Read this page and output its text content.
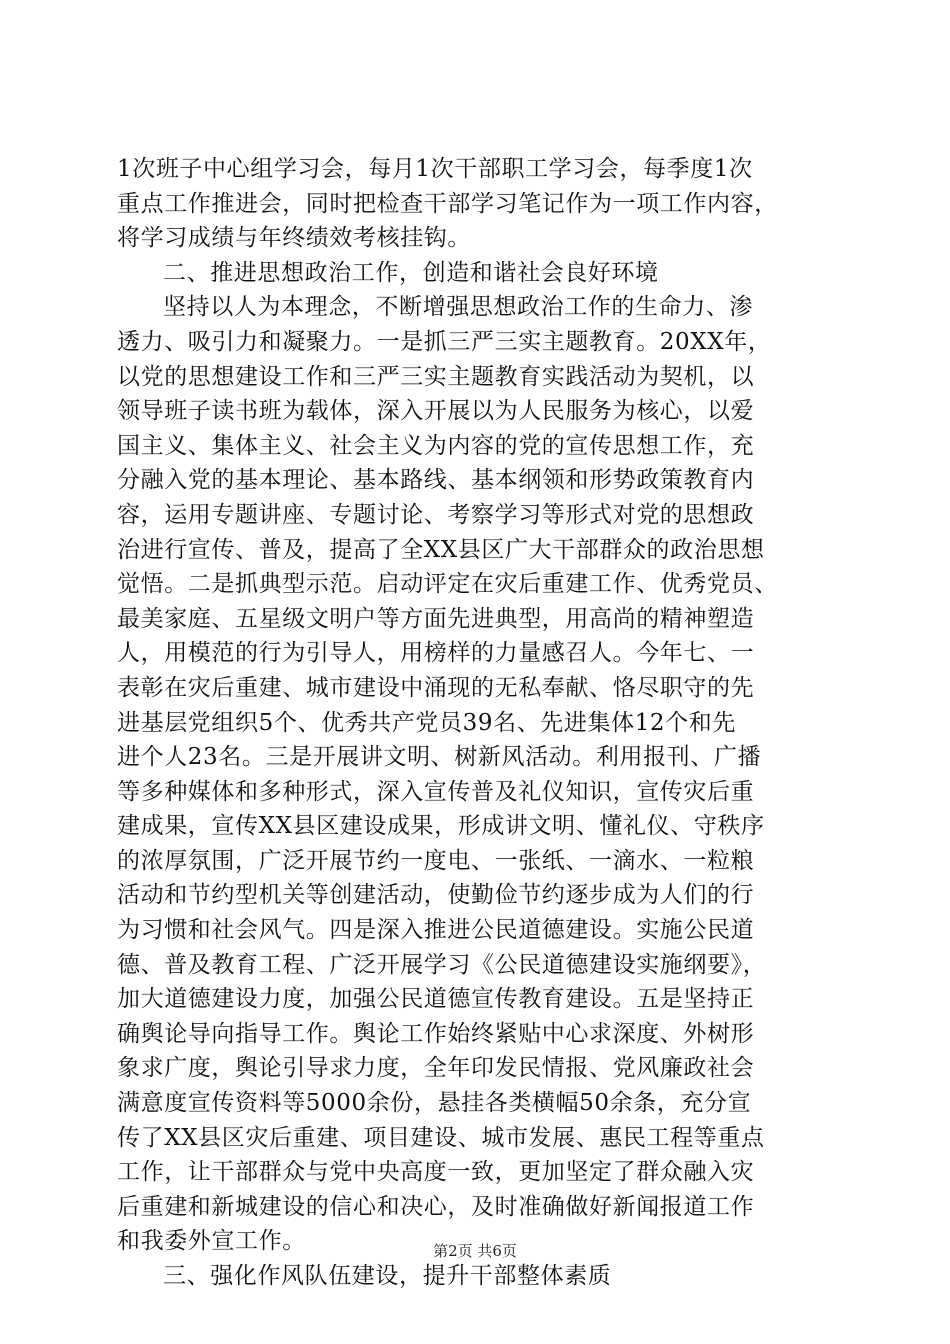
1次班子中心组学习会，每月1次干部职工学习会，每季度1次
重点工作推进会，同时把检查干部学习笔记作为一项工作内容，
将学习成绩与年终绩效考核挂钩。
二、推进思想政治工作，创造和谐社会良好环境
坚持以人为本理念，不断增强思想政治工作的生命力、渗
透力、吸引力和凝聚力。一是抓三严三实主题教育。20XX年，
以党的思想建设工作和三严三实主题教育实践活动为契机，以
领导班子读书班为载体，深入开展以为人民服务为核心，以爱
国主义、集体主义、社会主义为内容的党的宣传思想工作，充
分融入党的基本理论、基本路线、基本纲领和形势政策教育内
容，运用专题讲座、专题讨论、考察学习等形式对党的思想政
治进行宣传、普及，提高了全XX县区广大干部群众的政治思想
觉悟。二是抓典型示范。启动评定在灾后重建工作、优秀党员、
最美家庭、五星级文明户等方面先进典型，用高尚的精神塑造
人，用模范的行为引导人，用榜样的力量感召人。今年七、一
表彰在灾后重建、城市建设中涌现的无私奉献、恪尽职守的先
进基层党组织5个、优秀共产党员39名、先进集体12个和先
进个人23名。三是开展讲文明、树新风活动。利用报刊、广播
等多种媒体和多种形式，深入宣传普及礼仪知识，宣传灾后重
建成果，宣传XX县区建设成果，形成讲文明、懂礼仪、守秩序
的浓厚氛围，广泛开展节约一度电、一张纸、一滴水、一粒粮
活动和节约型机关等创建活动，使勤俭节约逐步成为人们的行
为习惯和社会风气。四是深入推进公民道德建设。实施公民道
德、普及教育工程、广泛开展学习《公民道德建设实施纲要》，
加大道德建设力度，加强公民道德宣传教育建设。五是坚持正
确舆论导向指导工作。舆论工作始终紧贴中心求深度、外树形
象求广度，舆论引导求力度，全年印发民情报、党风廉政社会
满意度宣传资料等5000余份，悬挂各类横幅50余条，充分宣
传了XX县区灾后重建、项目建设、城市发展、惠民工程等重点
工作，让干部群众与党中央高度一致，更加坚定了群众融入灾
后重建和新城建设的信心和决心，及时准确做好新闻报道工作
和我委外宣工作。
三、强化作风队伍建设，提升干部整体素质
第2页 共6页
